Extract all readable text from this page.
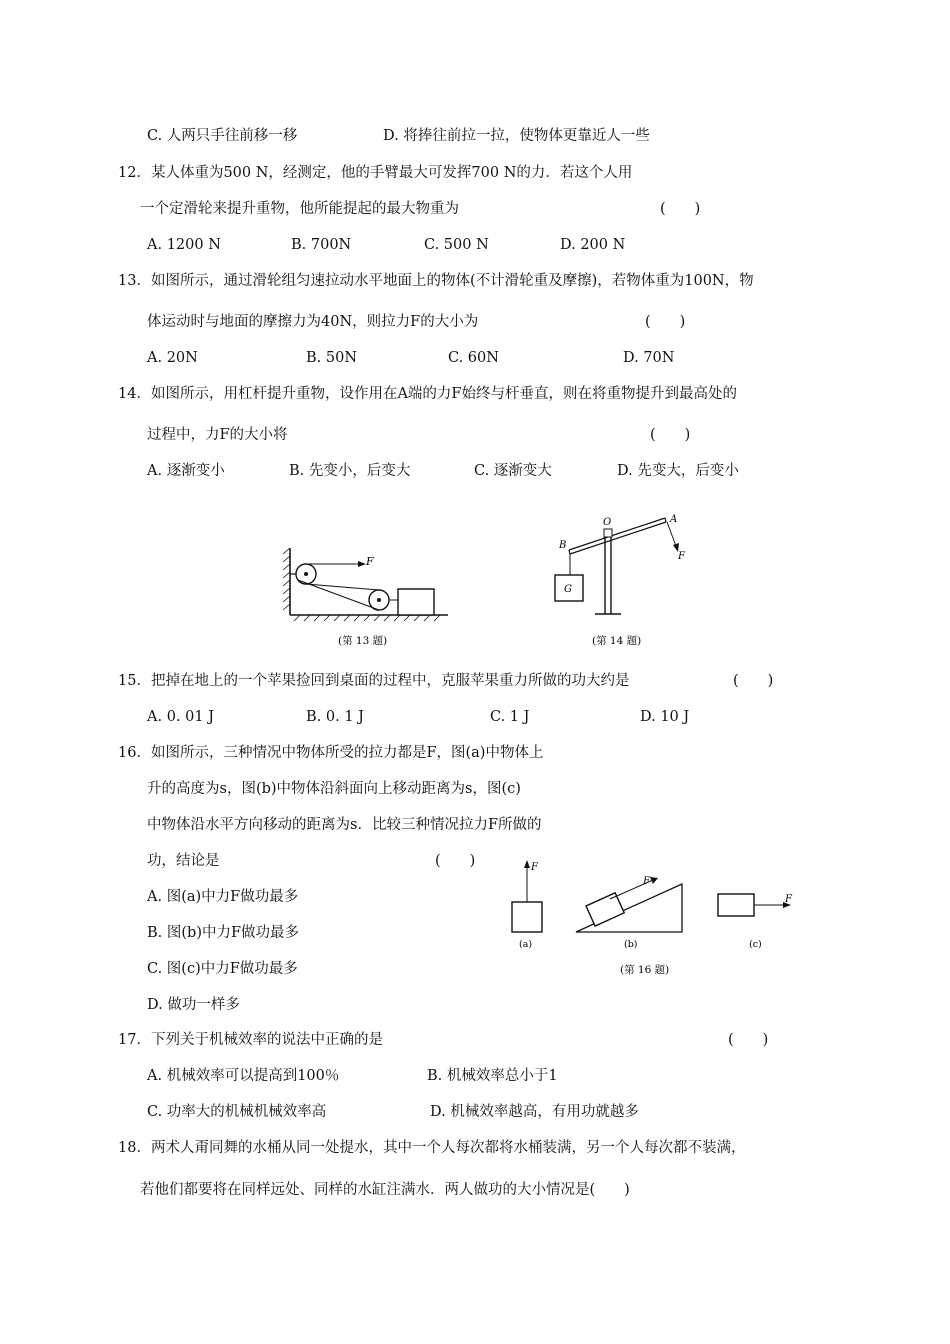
C. 人两只手往前移一移	D. 将捧往前拉一拉，使物体更靠近人一些
12．某人体重为500 N，经测定，他的手臂最大可发挥700 N的力．若这个人用
一个定滑轮来提升重物，他所能提起的最大物重为	(　　)
A. 1200 N	B. 700N	C. 500 N	D. 200 N
13．如图所示，通过滑轮组匀速拉动水平地面上的物体(不计滑轮重及摩擦)，若物体重为100N，物
体运动时与地面的摩擦力为40N，则拉力F的大小为	(　　)
A. 20N	B. 50N	C. 60N	D. 70N
14．如图所示，用杠杆提升重物，设作用在A端的力F始终与杆垂直，则在将重物提升到最高处的
过程中，力F的大小将	(　　)
A. 逐渐变小	B. 先变小，后变大	C. 逐渐变大	D. 先变大，后变小
F
(第 13 题)
G
O	A
B
F
(第 14 题)
15．把掉在地上的一个苹果捡回到桌面的过程中，克服苹果重力所做的功大约是	(　　)
A. 0. 01 J	B. 0. 1 J	C. 1 J	D. 10 J
16．如图所示，三种情况中物体所受的拉力都是F，图(a)中物体上
升的高度为s，图(b)中物体沿斜面向上移动距离为s，图(c)
中物体沿水平方向移动的距离为s．比较三种情况拉力F所做的
功，结论是	(　　)
A. 图(a)中力F做功最多
B. 图(b)中力F做功最多
C. 图(c)中力F做功最多
D. 做功一样多
F
(a)
F
(b)
F
(c)
(第 16 题)
17．下列关于机械效率的说法中正确的是	(　　)
A. 机械效率可以提高到100％	B. 机械效率总小于1
C. 功率大的机械机械效率高	D. 机械效率越高，有用功就越多
18．两术人甭同舞的水桶从同一处提水，其中一个人每次都将水桶装满，另一个人每次都不装满，
若他们都要将在同样远处、同样的水缸注满水．两人做功的大小情况是(　　)
